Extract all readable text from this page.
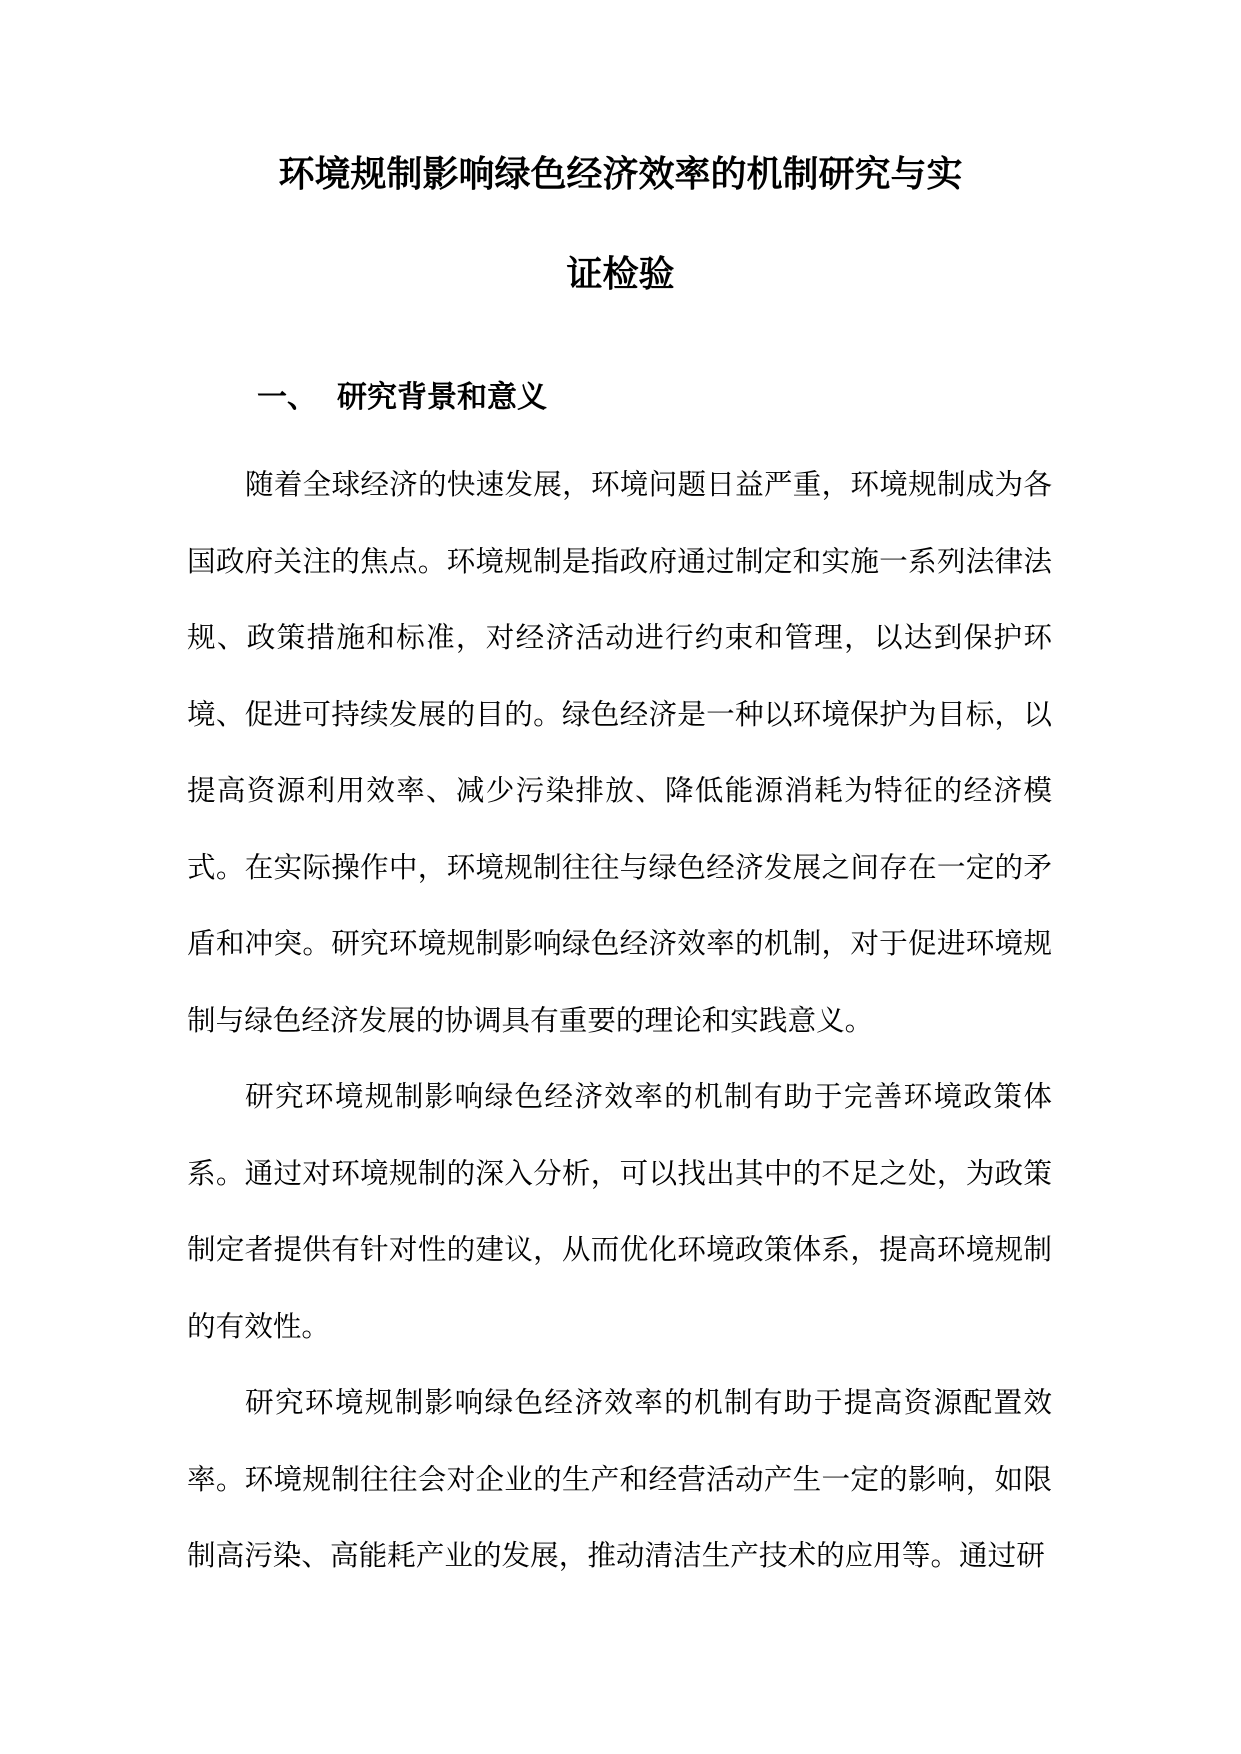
环境规制影响绿色经济效率的机制研究与实
证检验
一、 研究背景和意义

随着全球经济的快速发展，环境问题日益严重，环境规制成为各国政府关注的焦点。环境规制是指政府通过制定和实施一系列法律法规、政策措施和标准，对经济活动进行约束和管理，以达到保护环境、促进可持续发展的目的。绿色经济是一种以环境保护为目标，以提高资源利用效率、减少污染排放、降低能源消耗为特征的经济模式。在实际操作中，环境规制往往与绿色经济发展之间存在一定的矛盾和冲突。研究环境规制影响绿色经济效率的机制，对于促进环境规制与绿色经济发展的协调具有重要的理论和实践意义。

研究环境规制影响绿色经济效率的机制有助于完善环境政策体系。通过对环境规制的深入分析，可以找出其中的不足之处，为政策制定者提供有针对性的建议，从而优化环境政策体系，提高环境规制的有效性。

研究环境规制影响绿色经济效率的机制有助于提高资源配置效率。环境规制往往会对企业的生产和经营活动产生一定的影响，如限制高污染、高能耗产业的发展，推动清洁生产技术的应用等。通过研
